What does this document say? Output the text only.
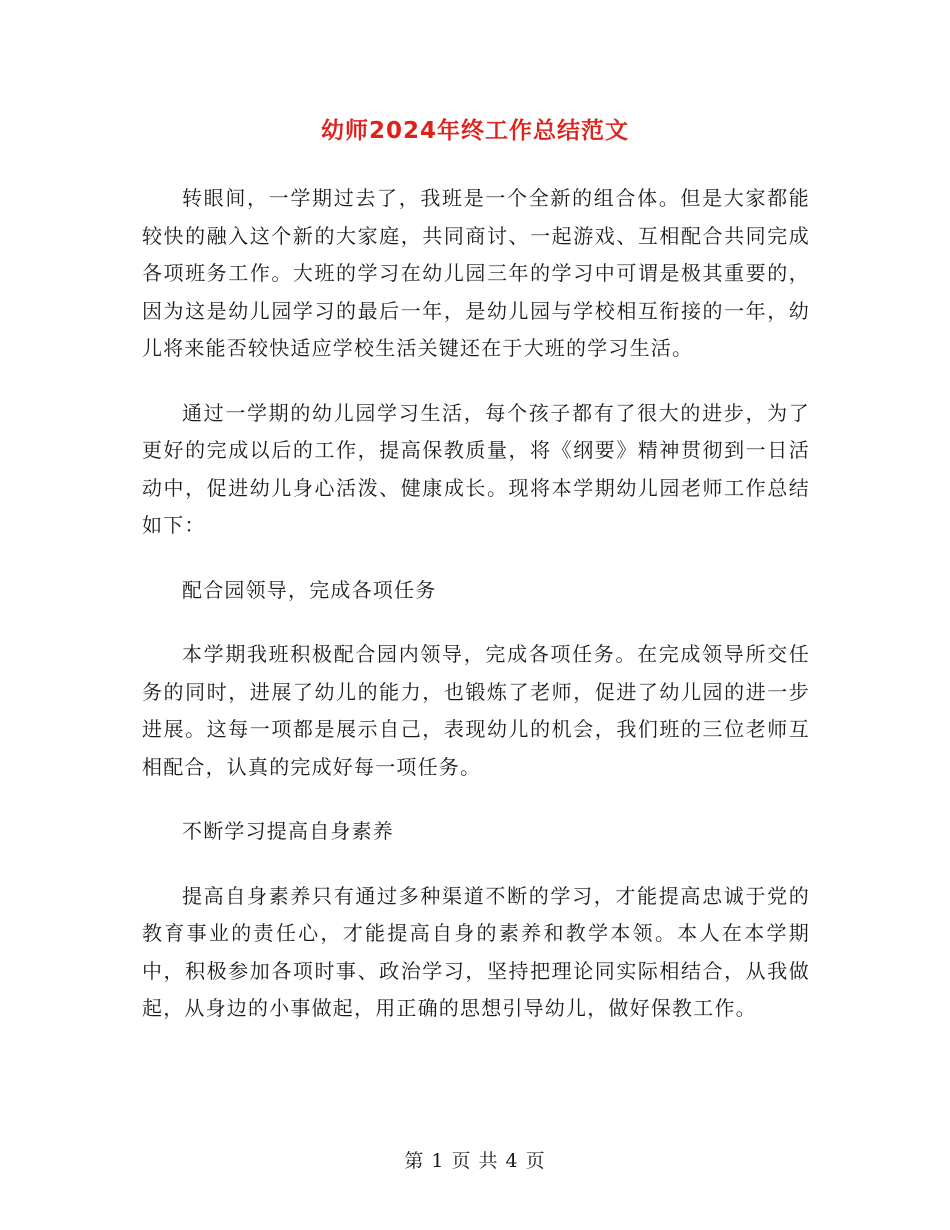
幼师2024年终工作总结范文

转眼间，一学期过去了，我班是一个全新的组合体。但是大家都能较快的融入这个新的大家庭，共同商讨、一起游戏、互相配合共同完成各项班务工作。大班的学习在幼儿园三年的学习中可谓是极其重要的，因为这是幼儿园学习的最后一年，是幼儿园与学校相互衔接的一年，幼儿将来能否较快适应学校生活关键还在于大班的学习生活。

通过一学期的幼儿园学习生活，每个孩子都有了很大的进步，为了更好的完成以后的工作，提高保教质量，将《纲要》精神贯彻到一日活动中，促进幼儿身心活泼、健康成长。现将本学期幼儿园老师工作总结如下：

配合园领导，完成各项任务

本学期我班积极配合园内领导，完成各项任务。在完成领导所交任务的同时，进展了幼儿的能力，也锻炼了老师，促进了幼儿园的进一步进展。这每一项都是展示自己，表现幼儿的机会，我们班的三位老师互相配合，认真的完成好每一项任务。

不断学习提高自身素养

提高自身素养只有通过多种渠道不断的学习，才能提高忠诚于党的教育事业的责任心，才能提高自身的素养和教学本领。本人在本学期中，积极参加各项时事、政治学习，坚持把理论同实际相结合，从我做起，从身边的小事做起，用正确的思想引导幼儿，做好保教工作。

第 1 页 共 4 页
